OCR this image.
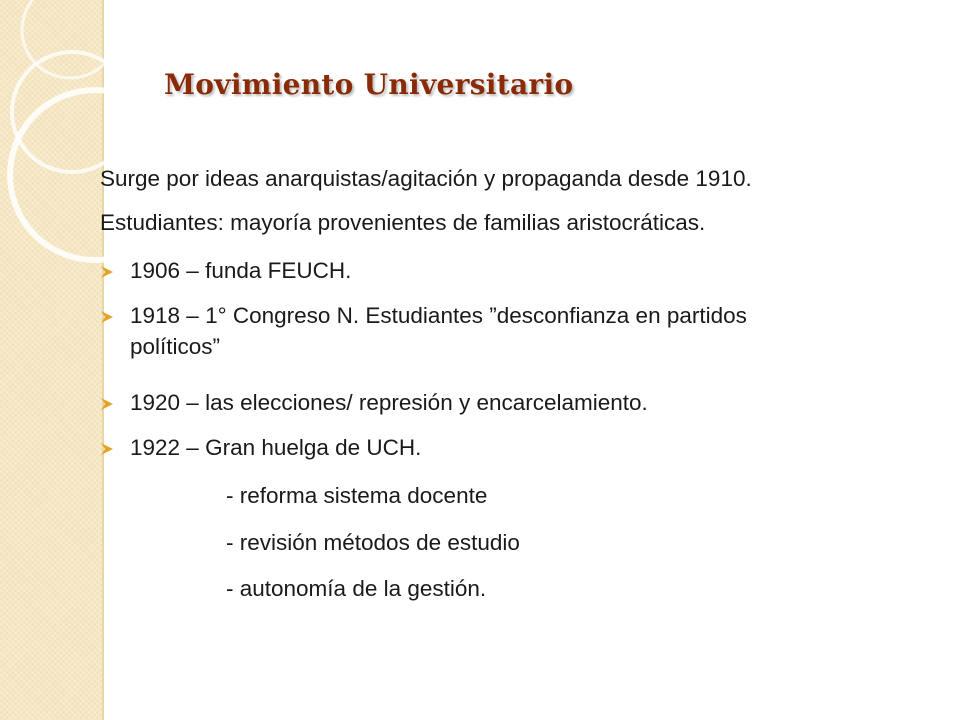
Movimiento Universitario
Surge por ideas anarquistas/agitación y propaganda desde 1910.
Estudiantes: mayoría provenientes de familias aristocráticas.
1906 – funda FEUCH.
1918 – 1° Congreso N. Estudiantes ”desconfianza en partidos
políticos”
1920 – las elecciones/ represión y encarcelamiento.
1922 – Gran huelga de UCH.
- reforma sistema docente
- revisión métodos de estudio
- autonomía de la gestión.
